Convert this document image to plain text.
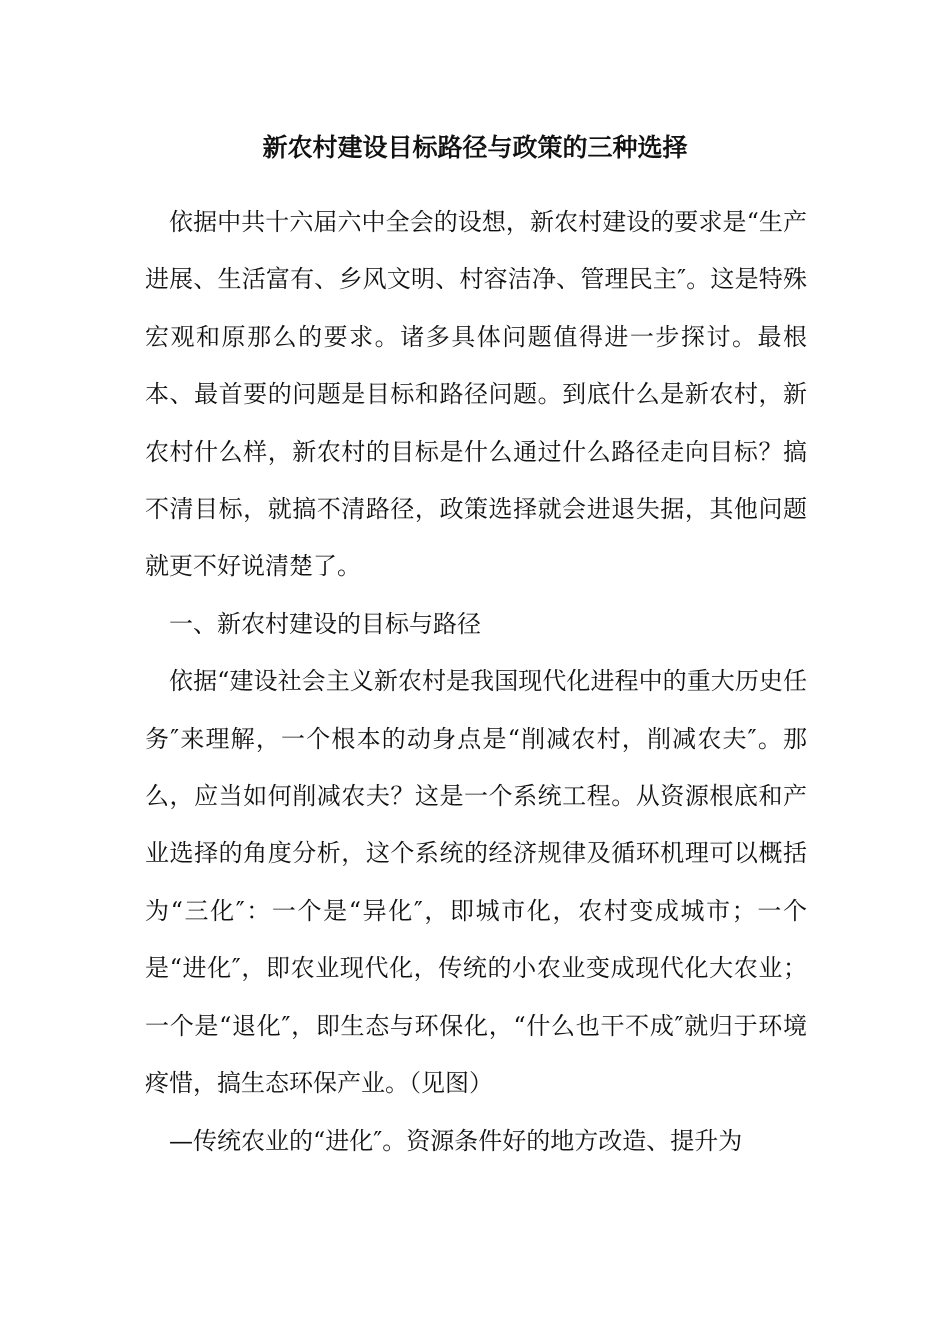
新农村建设目标路径与政策的三种选择

依据中共十六届六中全会的设想，新农村建设的要求是“生产进展、生活富有、乡风文明、村容洁净、管理民主″。这是特殊宏观和原那么的要求。诸多具体问题值得进一步探讨。最根本、最首要的问题是目标和路径问题。到底什么是新农村，新农村什么样，新农村的目标是什么通过什么路径走向目标？搞不清目标，就搞不清路径，政策选择就会进退失据，其他问题就更不好说清楚了。

一、新农村建设的目标与路径

依据“建设社会主义新农村是我国现代化进程中的重大历史任务″来理解，一个根本的动身点是“削减农村，削减农夫″。那么，应当如何削减农夫？这是一个系统工程。从资源根底和产业选择的角度分析，这个系统的经济规律及循环机理可以概括为“三化″：一个是“异化″，即城市化，农村变成城市；一个是“进化″，即农业现代化，传统的小农业变成现代化大农业；一个是“退化″，即生态与环保化，“什么也干不成″就归于环境疼惜，搞生态环保产业。（见图）

—传统农业的“进化″。资源条件好的地方改造、提升为
